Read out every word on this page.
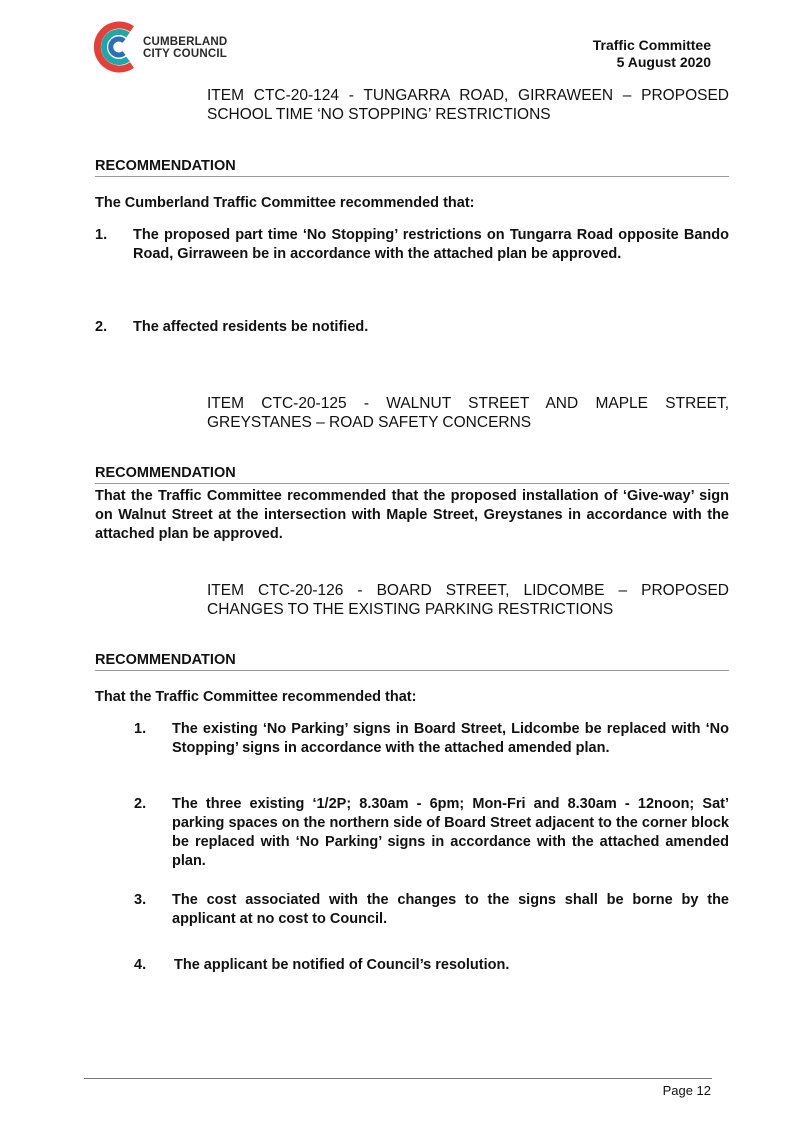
CUMBERLAND
CITY COUNCIL
Traffic Committee
5 August 2020
ITEM CTC-20-124 - TUNGARRA ROAD, GIRRAWEEN – PROPOSED SCHOOL TIME ‘NO STOPPING’ RESTRICTIONS
RECOMMENDATION
The Cumberland Traffic Committee recommended that:
1. The proposed part time ‘No Stopping’ restrictions on Tungarra Road opposite Bando Road, Girraween be in accordance with the attached plan be approved.
2. The affected residents be notified.
ITEM CTC-20-125 - WALNUT STREET AND MAPLE STREET, GREYSTANES – ROAD SAFETY CONCERNS
RECOMMENDATION
That the Traffic Committee recommended that the proposed installation of ‘Give-way’ sign on Walnut Street at the intersection with Maple Street, Greystanes in accordance with the attached plan be approved.
ITEM CTC-20-126 - BOARD STREET, LIDCOMBE – PROPOSED CHANGES TO THE EXISTING PARKING RESTRICTIONS
RECOMMENDATION
That the Traffic Committee recommended that:
1. The existing ‘No Parking’ signs in Board Street, Lidcombe be replaced with ‘No Stopping’ signs in accordance with the attached amended plan.
2. The three existing ‘1/2P; 8.30am - 6pm; Mon-Fri and 8.30am - 12noon; Sat’ parking spaces on the northern side of Board Street adjacent to the corner block be replaced with ‘No Parking’ signs in accordance with the attached amended plan.
3. The cost associated with the changes to the signs shall be borne by the applicant at no cost to Council.
4. The applicant be notified of Council’s resolution.
Page 12
